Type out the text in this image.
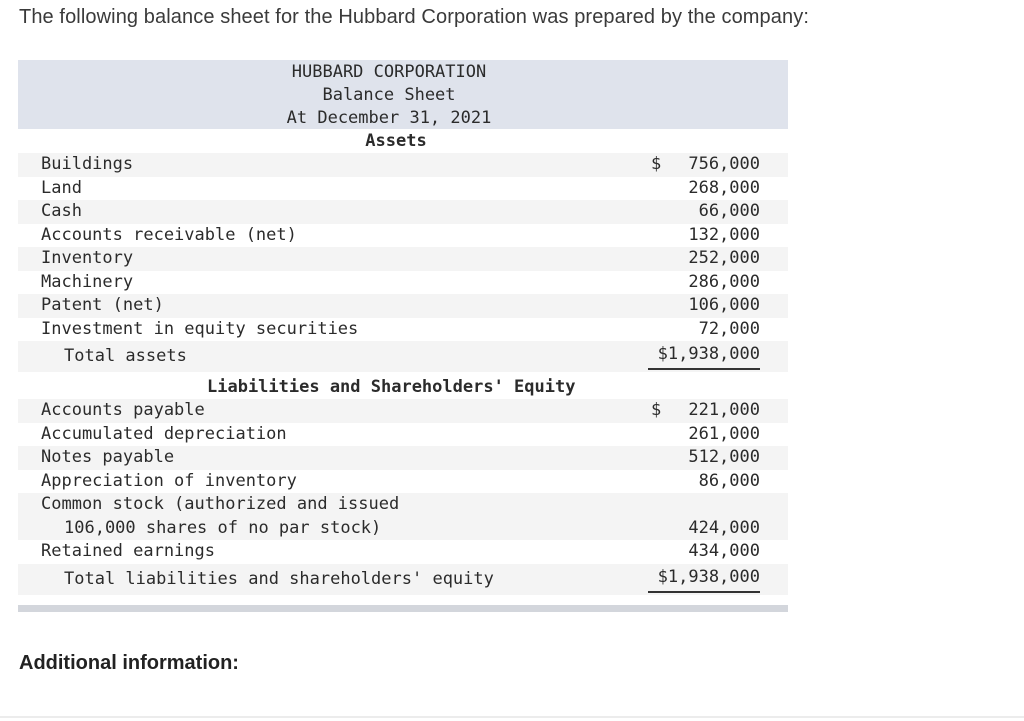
The following balance sheet for the Hubbard Corporation was prepared by the company:
HUBBARD CORPORATION
Balance Sheet
At December 31, 2021
Assets
Buildings	$	756,000
Land	268,000
Cash	66,000
Accounts receivable (net)	132,000
Inventory	252,000
Machinery	286,000
Patent (net)	106,000
Investment in equity securities	72,000
Total assets	$1,938,000
Liabilities and Shareholders' Equity
Accounts payable	$	221,000
Accumulated depreciation	261,000
Notes payable	512,000
Appreciation of inventory	86,000
Common stock (authorized and issued
106,000 shares of no par stock)	424,000
Retained earnings	434,000
Total liabilities and shareholders' equity	$1,938,000
Additional information:
